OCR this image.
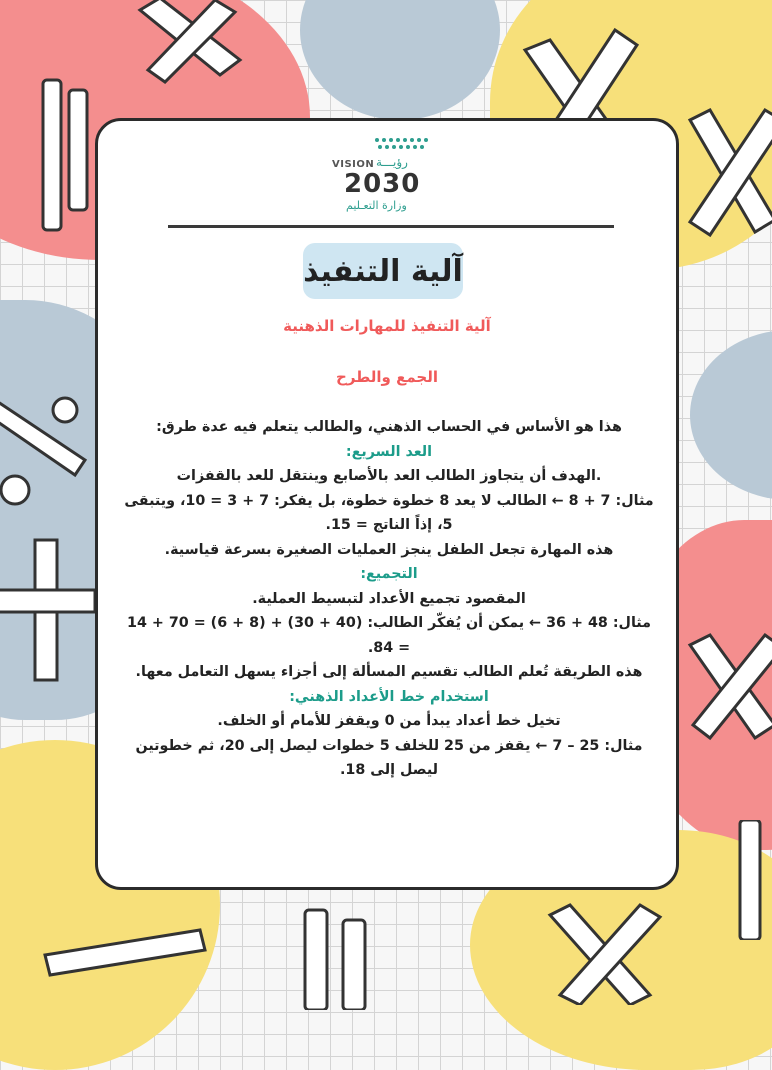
VISION رؤيـــة
2030
وزارة التعـليم
آلية التنفيذ
آلية التنفيذ للمهارات الذهنية
الجمع والطرح

هذا هو الأساس في الحساب الذهني، والطالب يتعلم فيه عدة طرق:

العد السريع:

.الهدف أن يتجاوز الطالب العد بالأصابع وينتقل للعد بالقفزات

مثال: 7 + 8 ← الطالب لا يعد 8 خطوة خطوة، بل يفكر: 7 + 3 = 10، ويتبقى 5، إذاً الناتج = 15.

هذه المهارة تجعل الطفل ينجز العمليات الصغيرة بسرعة قياسية.

التجميع:

المقصود تجميع الأعداد لتبسيط العملية.

مثال: 48 + 36 ← يمكن أن يُفكّر الطالب: (40 + 30) + (8 + 6) = 70 + 14 = 84.

هذه الطريقة تُعلم الطالب تقسيم المسألة إلى أجزاء يسهل التعامل معها.

استخدام خط الأعداد الذهني:

تخيل خط أعداد يبدأ من 0 ويقفز للأمام أو الخلف.

مثال: 25 – 7 ← يقفز من 25 للخلف 5 خطوات ليصل إلى 20، ثم خطوتين ليصل إلى 18.
